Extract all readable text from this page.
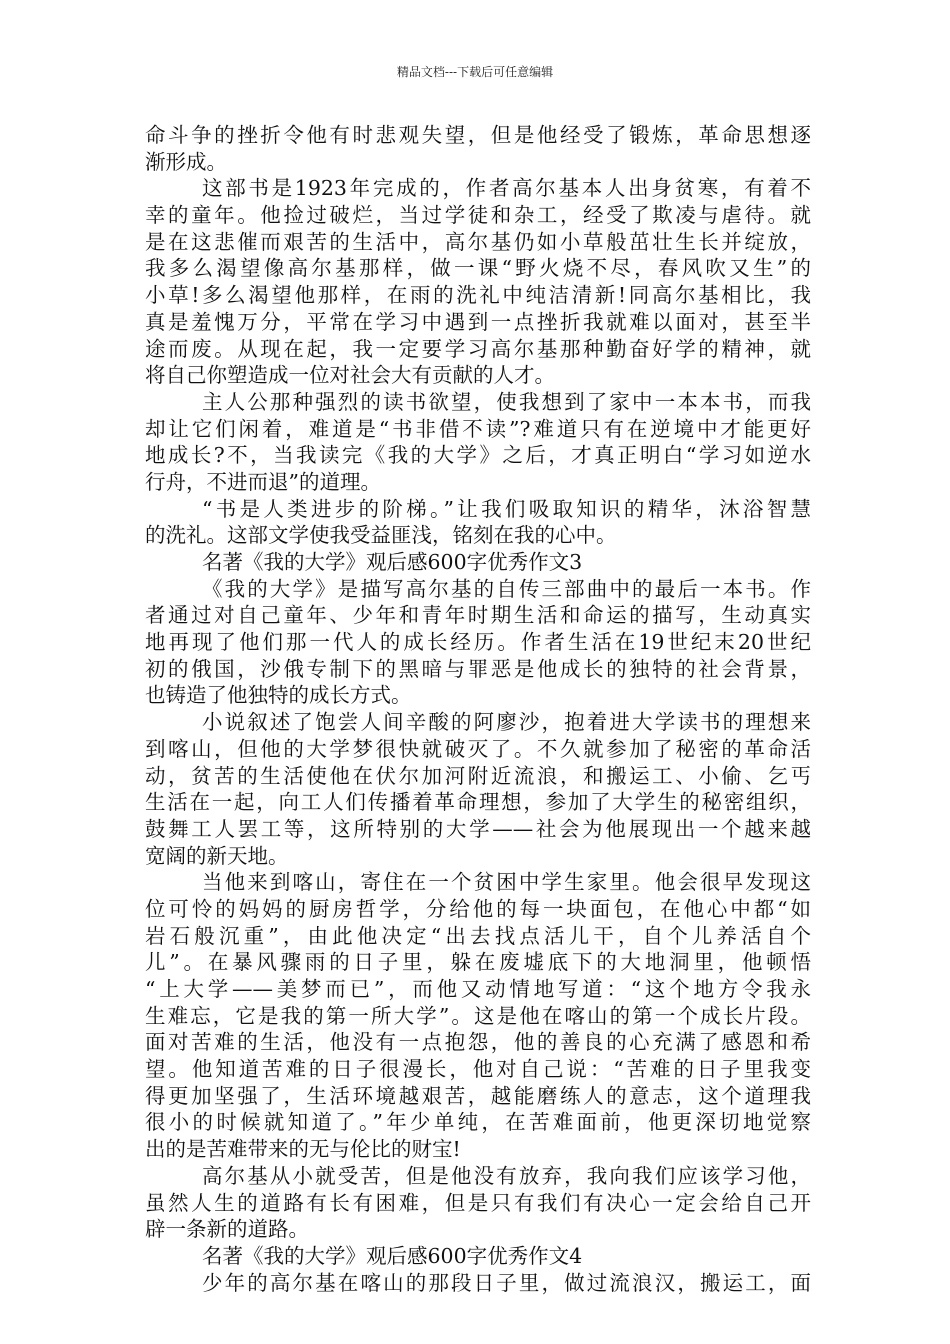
精品文档---下载后可任意编辑
命斗争的挫折令他有时悲观失望，但是他经受了锻炼，革命思想逐
渐形成。
这部书是1923年完成的，作者高尔基本人出身贫寒，有着不
幸的童年。他捡过破烂，当过学徒和杂工，经受了欺凌与虐待。就
是在这悲催而艰苦的生活中，高尔基仍如小草般茁壮生长并绽放，
我多么渴望像高尔基那样，做一课“野火烧不尽，春风吹又生”的
小草!多么渴望他那样，在雨的洗礼中纯洁清新!同高尔基相比，我
真是羞愧万分，平常在学习中遇到一点挫折我就难以面对，甚至半
途而废。从现在起，我一定要学习高尔基那种勤奋好学的精神，就
将自己你塑造成一位对社会大有贡献的人才。
主人公那种强烈的读书欲望，使我想到了家中一本本书，而我
却让它们闲着，难道是“书非借不读”?难道只有在逆境中才能更好
地成长?不，当我读完《我的大学》之后，才真正明白“学习如逆水
行舟，不进而退”的道理。
“书是人类进步的阶梯。”让我们吸取知识的精华，沐浴智慧
的洗礼。这部文学使我受益匪浅，铭刻在我的心中。
名著《我的大学》观后感600字优秀作文3
《我的大学》是描写高尔基的自传三部曲中的最后一本书。作
者通过对自己童年、少年和青年时期生活和命运的描写，生动真实
地再现了他们那一代人的成长经历。作者生活在19世纪末20世纪
初的俄国，沙俄专制下的黑暗与罪恶是他成长的独特的社会背景，
也铸造了他独特的成长方式。
小说叙述了饱尝人间辛酸的阿廖沙，抱着进大学读书的理想来
到喀山，但他的大学梦很快就破灭了。不久就参加了秘密的革命活
动，贫苦的生活使他在伏尔加河附近流浪，和搬运工、小偷、乞丐
生活在一起，向工人们传播着革命理想，参加了大学生的秘密组织，
鼓舞工人罢工等，这所特别的大学——社会为他展现出一个越来越
宽阔的新天地。
当他来到喀山，寄住在一个贫困中学生家里。他会很早发现这
位可怜的妈妈的厨房哲学，分给他的每一块面包，在他心中都“如
岩石般沉重”，由此他决定“出去找点活儿干，自个儿养活自个
儿”。在暴风骤雨的日子里，躲在废墟底下的大地洞里，他顿悟
“上大学——美梦而已”，而他又动情地写道：“这个地方令我永
生难忘，它是我的第一所大学”。这是他在喀山的第一个成长片段。
面对苦难的生活，他没有一点抱怨，他的善良的心充满了感恩和希
望。他知道苦难的日子很漫长，他对自己说：“苦难的日子里我变
得更加坚强了，生活环境越艰苦，越能磨练人的意志，这个道理我
很小的时候就知道了。”年少单纯，在苦难面前，他更深切地觉察
出的是苦难带来的无与伦比的财宝!
高尔基从小就受苦，但是他没有放弃，我向我们应该学习他，
虽然人生的道路有长有困难，但是只有我们有决心一定会给自己开
辟一条新的道路。
名著《我的大学》观后感600字优秀作文4
少年的高尔基在喀山的那段日子里，做过流浪汉，搬运工，面
